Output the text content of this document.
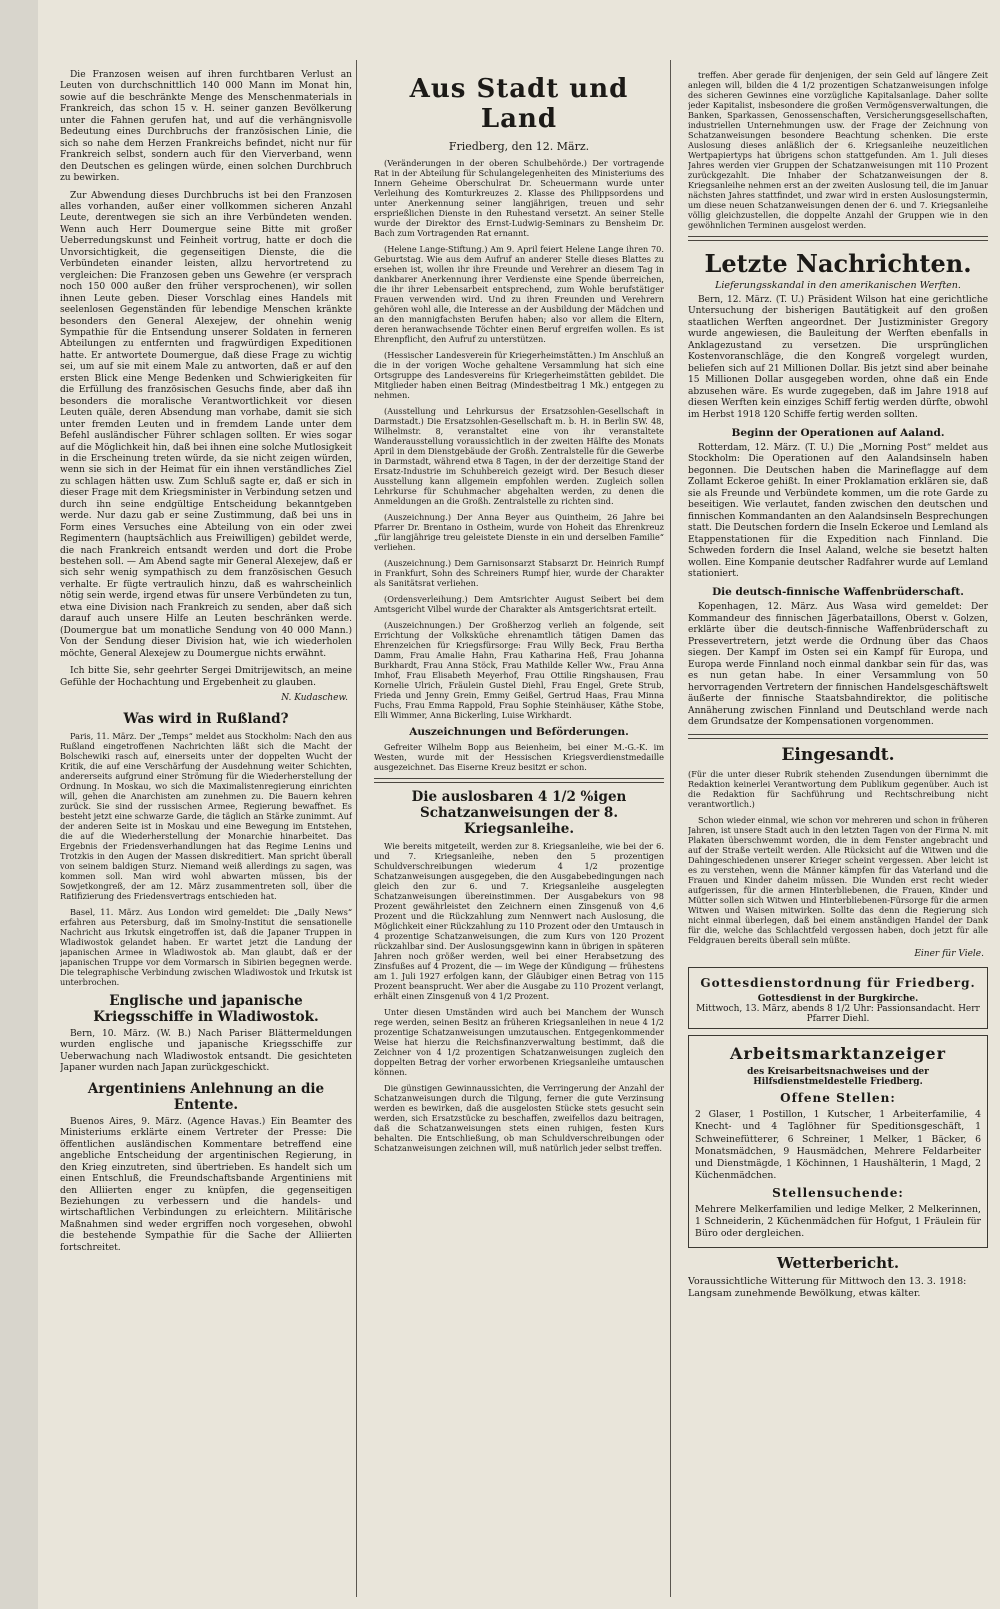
Die Franzosen weisen auf ihren furchtbaren Verlust an Leuten von durchschnittlich 140 000 Mann im Monat hin, sowie auf die beschränkte Menge des Menschenmaterials in Frankreich, das schon 15 v. H. seiner ganzen Bevölkerung unter die Fahnen gerufen hat, und auf die verhängnisvolle Bedeutung eines Durchbruchs der französischen Linie, die sich so nahe dem Herzen Frankreichs befindet, nicht nur für Frankreich selbst, sondern auch für den Vierverband, wenn den Deutschen es gelingen würde, einen solchen Durchbruch zu bewirken.

Zur Abwendung dieses Durchbruchs ist bei den Franzosen alles vorhanden, außer einer vollkommen sicheren Anzahl Leute, derentwegen sie sich an ihre Verbündeten wenden. Wenn auch Herr Doumergue seine Bitte mit großer Ueberredungskunst und Feinheit vortrug, hatte er doch die Unvorsichtigkeit, die gegenseitigen Dienste, die die Verbündeten einander leisten, allzu hervortretend zu vergleichen: Die Franzosen geben uns Gewehre (er versprach noch 150 000 außer den früher versprochenen), wir sollen ihnen Leute geben. Dieser Vorschlag eines Handels mit seelenlosen Gegenständen für lebendige Menschen kränkte besonders den General Alexejew, der ohnehin wenig Sympathie für die Entsendung unserer Soldaten in ferneren Abteilungen zu entfernten und fragwürdigen Expeditionen hatte. Er antwortete Doumergue, daß diese Frage zu wichtig sei, um auf sie mit einem Male zu antworten, daß er auf den ersten Blick eine Menge Bedenken und Schwierigkeiten für die Erfüllung des französischen Gesuchs finde, aber daß ihn besonders die moralische Verantwortlichkeit vor diesen Leuten quäle, deren Absendung man vorhabe, damit sie sich unter fremden Leuten und in fremdem Lande unter dem Befehl ausländischer Führer schlagen sollten. Er wies sogar auf die Möglichkeit hin, daß bei ihnen eine solche Mutlosigkeit in die Erscheinung treten würde, da sie nicht zeigen würden, wenn sie sich in der Heimat für ein ihnen verständliches Ziel zu schlagen hätten usw. Zum Schluß sagte er, daß er sich in dieser Frage mit dem Kriegsminister in Verbindung setzen und durch ihn seine endgültige Entscheidung bekanntgeben werde. Nur dazu gab er seine Zustimmung, daß bei uns in Form eines Versuches eine Abteilung von ein oder zwei Regimentern (hauptsächlich aus Freiwilligen) gebildet werde, die nach Frankreich entsandt werden und dort die Probe bestehen soll. — Am Abend sagte mir General Alexejew, daß er sich sehr wenig sympathisch zu dem französischen Gesuch verhalte. Er fügte vertraulich hinzu, daß es wahrscheinlich nötig sein werde, irgend etwas für unsere Verbündeten zu tun, etwa eine Division nach Frankreich zu senden, aber daß sich darauf auch unsere Hilfe an Leuten beschränken werde. (Doumergue bat um monatliche Sendung von 40 000 Mann.) Von der Sendung dieser Division hat, wie ich wiederholen möchte, General Alexejew zu Doumergue nichts erwähnt.

Ich bitte Sie, sehr geehrter Sergei Dmitrijewitsch, an meine Gefühle der Hochachtung und Ergebenheit zu glauben.

N. Kudaschew.
Was wird in Rußland?

Paris, 11. März. Der „Temps“ meldet aus Stockholm: Nach den aus Rußland eingetroffenen Nachrichten läßt sich die Macht der Bolschewiki rasch auf, einerseits unter der doppelten Wucht der Kritik, die auf eine Verschärfung der Ausdehnung weiter Schichten, andererseits aufgrund einer Strömung für die Wiederherstellung der Ordnung. In Moskau, wo sich die Maximalistenregierung einrichten will, gehen die Anarchisten am zunehmen zu. Die Bauern kehren zurück. Sie sind der russischen Armee, Regierung bewaffnet. Es besteht jetzt eine schwarze Garde, die täglich an Stärke zunimmt. Auf der anderen Seite ist in Moskau und eine Bewegung im Entstehen, die auf die Wiederherstellung der Monarchie hinarbeitet. Das Ergebnis der Friedensverhandlungen hat das Regime Lenins und Trotzkis in den Augen der Massen diskreditiert. Man spricht überall von seinem baldigen Sturz. Niemand weiß allerdings zu sagen, was kommen soll. Man wird wohl abwarten müssen, bis der Sowjetkongreß, der am 12. März zusammentreten soll, über die Ratifizierung des Friedensvertrags entschieden hat.

Basel, 11. März. Aus London wird gemeldet: Die „Daily News“ erfahren aus Petersburg, daß im Smolny-Institut die sensationelle Nachricht aus Irkutsk eingetroffen ist, daß die Japaner Truppen in Wladiwostok gelandet haben. Er wartet jetzt die Landung der japanischen Armee in Wladiwostok ab. Man glaubt, daß er der japanischen Truppe vor dem Vormarsch in Sibirien begegnen werde. Die telegraphische Verbindung zwischen Wladiwostok und Irkutsk ist unterbrochen.

Englische und japanische Kriegsschiffe in Wladiwostok.

Bern, 10. März. (W. B.) Nach Pariser Blättermeldungen wurden englische und japanische Kriegsschiffe zur Ueberwachung nach Wladiwostok entsandt. Die gesichteten Japaner wurden nach Japan zurückgeschickt.

Argentiniens Anlehnung an die Entente.

Buenos Aires, 9. März. (Agence Havas.) Ein Beamter des Ministeriums erklärte einem Vertreter der Presse: Die öffentlichen ausländischen Kommentare betreffend eine angebliche Entscheidung der argentinischen Regierung, in den Krieg einzutreten, sind übertrieben. Es handelt sich um einen Entschluß, die Freundschaftsbande Argentiniens mit den Alliierten enger zu knüpfen, die gegenseitigen Beziehungen zu verbessern und die handels- und wirtschaftlichen Verbindungen zu erleichtern. Militärische Maßnahmen sind weder ergriffen noch vorgesehen, obwohl die bestehende Sympathie für die Sache der Alliierten fortschreitet.

Aus Stadt und Land
Friedberg, den 12. März.

(Veränderungen in der oberen Schulbehörde.) Der vortragende Rat in der Abteilung für Schulangelegenheiten des Ministeriums des Innern Geheime Oberschulrat Dr. Scheuermann wurde unter Verleihung des Komturkreuzes 2. Klasse des Philippsordens und unter Anerkennung seiner langjährigen, treuen und sehr ersprießlichen Dienste in den Ruhestand versetzt. An seiner Stelle wurde der Direktor des Ernst-Ludwig-Seminars zu Bensheim Dr. Bach zum Vortragenden Rat ernannt.

(Helene Lange-Stiftung.) Am 9. April feiert Helene Lange ihren 70. Geburtstag. Wie aus dem Aufruf an anderer Stelle dieses Blattes zu ersehen ist, wollen ihr ihre Freunde und Verehrer an diesem Tag in dankbarer Anerkennung ihrer Verdienste eine Spende überreichen, die ihr ihrer Lebensarbeit entsprechend, zum Wohle berufstätiger Frauen verwenden wird. Und zu ihren Freunden und Verehrern gehören wohl alle, die Interesse an der Ausbildung der Mädchen und an den mannigfachsten Berufen haben; also vor allem die Eltern, deren heranwachsende Töchter einen Beruf ergreifen wollen. Es ist Ehrenpflicht, den Aufruf zu unterstützen.

(Hessischer Landesverein für Kriegerheimstätten.) Im Anschluß an die in der vorigen Woche gehaltene Versammlung hat sich eine Ortsgruppe des Landesvereins für Kriegerheimstätten gebildet. Die Mitglieder haben einen Beitrag (Mindestbeitrag 1 Mk.) entgegen zu nehmen.

(Ausstellung und Lehrkursus der Ersatzsohlen-Gesellschaft in Darmstadt.) Die Ersatzsohlen-Gesellschaft m. b. H. in Berlin SW. 48, Wilhelmstr. 8, veranstaltet eine von ihr veranstaltete Wanderausstellung voraussichtlich in der zweiten Hälfte des Monats April in dem Dienstgebäude der Großh. Zentralstelle für die Gewerbe in Darmstadt, während etwa 8 Tagen, in der der derzeitige Stand der Ersatz-Industrie im Schuhbereich gezeigt wird. Der Besuch dieser Ausstellung kann allgemein empfohlen werden. Zugleich sollen Lehrkurse für Schuhmacher abgehalten werden, zu denen die Anmeldungen an die Großh. Zentralstelle zu richten sind.

(Auszeichnung.) Der Anna Beyer aus Quintheim, 26 Jahre bei Pfarrer Dr. Brentano in Ostheim, wurde von Hoheit das Ehrenkreuz „für langjährige treu geleistete Dienste in ein und derselben Familie“ verliehen.

(Auszeichnung.) Dem Garnisonsarzt Stabsarzt Dr. Heinrich Rumpf in Frankfurt, Sohn des Schreiners Rumpf hier, wurde der Charakter als Sanitätsrat verliehen.

(Ordensverleihung.) Dem Amtsrichter August Seibert bei dem Amtsgericht Vilbel wurde der Charakter als Amtsgerichtsrat erteilt.

(Auszeichnungen.) Der Großherzog verlieh an folgende, seit Errichtung der Volksküche ehrenamtlich tätigen Damen das Ehrenzeichen für Kriegsfürsorge: Frau Willy Beck, Frau Bertha Damm, Frau Amalie Hahn, Frau Katharina Heß, Frau Johanna Burkhardt, Frau Anna Stöck, Frau Mathilde Keller Ww., Frau Anna Imhof, Frau Elisabeth Meyerhof, Frau Ottilie Ringshausen, Frau Kornelie Ulrich, Fräulein Gustel Diehl, Frau Engel, Grete Strub, Frieda und Jenny Grein, Emmy Geißel, Gertrud Haas, Frau Minna Fuchs, Frau Emma Rappold, Frau Sophie Steinhäuser, Käthe Stobe, Elli Wimmer, Anna Bickerling, Luise Wirkhardt.

Auszeichnungen und Beförderungen.

Gefreiter Wilhelm Bopp aus Beienheim, bei einer M.-G.-K. im Westen, wurde mit der Hessischen Kriegsverdienstmedaille ausgezeichnet. Das Eiserne Kreuz besitzt er schon.

Die auslosbaren 4 1/2 %igen Schatzanweisungen der 8. Kriegsanleihe.

Wie bereits mitgeteilt, werden zur 8. Kriegsanleihe, wie bei der 6. und 7. Kriegsanleihe, neben den 5 prozentigen Schuldverschreibungen wiederum 4 1/2 prozentige Schatzanweisungen ausgegeben, die den Ausgabebedingungen nach gleich den zur 6. und 7. Kriegsanleihe ausgelegten Schatzanweisungen übereinstimmen. Der Ausgabekurs von 98 Prozent gewährleistet den Zeichnern einen Zinsgenuß von 4,6 Prozent und die Rückzahlung zum Nennwert nach Auslosung, die Möglichkeit einer Rückzahlung zu 110 Prozent oder den Umtausch in 4 prozentige Schatzanweisungen, die zum Kurs von 120 Prozent rückzahlbar sind. Der Auslosungsgewinn kann in übrigen in späteren Jahren noch größer werden, weil bei einer Herabsetzung des Zinsfußes auf 4 Prozent, die — im Wege der Kündigung — frühestens am 1. Juli 1927 erfolgen kann, der Gläubiger einen Betrag von 115 Prozent beansprucht. Wer aber die Ausgabe zu 110 Prozent verlangt, erhält einen Zinsgenuß von 4 1/2 Prozent.

Unter diesen Umständen wird auch bei Manchem der Wunsch rege werden, seinen Besitz an früheren Kriegsanleihen in neue 4 1/2 prozentige Schatzanweisungen umzutauschen. Entgegenkommender Weise hat hierzu die Reichsfinanzverwaltung bestimmt, daß die Zeichner von 4 1/2 prozentigen Schatzanweisungen zugleich den doppelten Betrag der vorher erworbenen Kriegsanleihe umtauschen können.

Die günstigen Gewinnaussichten, die Verringerung der Anzahl der Schatzanweisungen durch die Tilgung, ferner die gute Verzinsung werden es bewirken, daß die ausgelosten Stücke stets gesucht sein werden, sich Ersatzstücke zu beschaffen, zweifellos dazu beitragen, daß die Schatzanweisungen stets einen ruhigen, festen Kurs behalten. Die Entschließung, ob man Schuldverschreibungen oder Schatzanweisungen zeichnen will, muß natürlich jeder selbst treffen.

treffen. Aber gerade für denjenigen, der sein Geld auf längere Zeit anlegen will, bilden die 4 1/2 prozentigen Schatzanweisungen infolge des sicheren Gewinnes eine vorzügliche Kapitalsanlage. Daher sollte jeder Kapitalist, insbesondere die großen Vermögensverwaltungen, die Banken, Sparkassen, Genossenschaften, Versicherungsgesellschaften, industriellen Unternehmungen usw. der Frage der Zeichnung von Schatzanweisungen besondere Beachtung schenken. Die erste Auslosung dieses anläßlich der 6. Kriegsanleihe neuzeitlichen Wertpapiertyps hat übrigens schon stattgefunden. Am 1. Juli dieses Jahres werden vier Gruppen der Schatzanweisungen mit 110 Prozent zurückgezahlt. Die Inhaber der Schatzanweisungen der 8. Kriegsanleihe nehmen erst an der zweiten Auslosung teil, die im Januar nächsten Jahres stattfindet, und zwar wird in ersten Auslosungstermin, um diese neuen Schatzanweisungen denen der 6. und 7. Kriegsanleihe völlig gleichzustellen, die doppelte Anzahl der Gruppen wie in den gewöhnlichen Terminen ausgelost werden.

Letzte Nachrichten.
Lieferungsskandal in den amerikanischen Werften.

Bern, 12. März. (T. U.) Präsident Wilson hat eine gerichtliche Untersuchung der bisherigen Bautätigkeit auf den großen staatlichen Werften angeordnet. Der Justizminister Gregory wurde angewiesen, die Bauleitung der Werften ebenfalls in Anklagezustand zu versetzen. Die ursprünglichen Kostenvoranschläge, die den Kongreß vorgelegt wurden, beliefen sich auf 21 Millionen Dollar. Bis jetzt sind aber beinahe 15 Millionen Dollar ausgegeben worden, ohne daß ein Ende abzusehen wäre. Es wurde zugegeben, daß im Jahre 1918 auf diesen Werften kein einziges Schiff fertig werden dürfte, obwohl im Herbst 1918 120 Schiffe fertig werden sollten.

Beginn der Operationen auf Aaland.

Rotterdam, 12. März. (T. U.) Die „Morning Post“ meldet aus Stockholm: Die Operationen auf den Aalandsinseln haben begonnen. Die Deutschen haben die Marineflagge auf dem Zollamt Eckeroe gehißt. In einer Proklamation erklären sie, daß sie als Freunde und Verbündete kommen, um die rote Garde zu beseitigen. Wie verlautet, fanden zwischen den deutschen und finnischen Kommandanten an den Aalandsinseln Besprechungen statt. Die Deutschen fordern die Inseln Eckeroe und Lemland als Etappenstationen für die Expedition nach Finnland. Die Schweden fordern die Insel Aaland, welche sie besetzt halten wollen. Eine Kompanie deutscher Radfahrer wurde auf Lemland stationiert.

Die deutsch-finnische Waffenbrüderschaft.

Kopenhagen, 12. März. Aus Wasa wird gemeldet: Der Kommandeur des finnischen Jägerbataillons, Oberst v. Golzen, erklärte über die deutsch-finnische Waffenbrüderschaft zu Pressevertretern, jetzt werde die Ordnung über das Chaos siegen. Der Kampf im Osten sei ein Kampf für Europa, und Europa werde Finnland noch einmal dankbar sein für das, was es nun getan habe. In einer Versammlung von 50 hervorragenden Vertretern der finnischen Handelsgeschäftswelt äußerte der finnische Staatsbahndirektor, die politische Annäherung zwischen Finnland und Deutschland werde nach dem Grundsatze der Kompensationen vorgenommen.

Eingesandt.

(Für die unter dieser Rubrik stehenden Zusendungen übernimmt die Redaktion keinerlei Verantwortung dem Publikum gegenüber. Auch ist die Redaktion für Sachführung und Rechtschreibung nicht verantwortlich.)

Schon wieder einmal, wie schon vor mehreren und schon in früheren Jahren, ist unsere Stadt auch in den letzten Tagen von der Firma N. mit Plakaten überschwemmt worden, die in dem Fenster angebracht und auf der Straße verteilt werden. Alle Rücksicht auf die Witwen und die Dahingeschiedenen unserer Krieger scheint vergessen. Aber leicht ist es zu verstehen, wenn die Männer kämpfen für das Vaterland und die Frauen und Kinder daheim müssen. Die Wunden erst recht wieder aufgerissen, für die armen Hinterbliebenen, die Frauen, Kinder und Mütter sollen sich Witwen und Hinterbliebenen-Fürsorge für die armen Witwen und Waisen mitwirken. Sollte das denn die Regierung sich nicht einmal überlegen, daß bei einem anständigen Handel der Dank für die, welche das Schlachtfeld vergossen haben, doch jetzt für alle Feldgrauen bereits überall sein müßte.

Einer für Viele.
Gottesdienstordnung für Friedberg.
Gottesdienst in der Burgkirche.
Mittwoch, 13. März, abends 8 1/2 Uhr: Passionsandacht. Herr Pfarrer Diehl.
Arbeitsmarktanzeiger
des Kreisarbeitsnachweises und der Hilfsdienstmeldestelle Friedberg.
Offene Stellen:
2 Glaser, 1 Postillon, 1 Kutscher, 1 Arbeiterfamilie, 4 Knecht- und 4 Taglöhner für Speditionsgeschäft, 1 Schweinefütterer, 6 Schreiner, 1 Melker, 1 Bäcker, 6 Monatsmädchen, 9 Hausmädchen, Mehrere Feldarbeiter und Dienstmägde, 1 Köchinnen, 1 Haushälterin, 1 Magd, 2 Küchenmädchen.
Stellensuchende:
Mehrere Melkerfamilien und ledige Melker, 2 Melkerinnen, 1 Schneiderin, 2 Küchenmädchen für Hofgut, 1 Fräulein für Büro oder dergleichen.
Wetterbericht.
Voraussichtliche Witterung für Mittwoch den 13. 3. 1918: Langsam zunehmende Bewölkung, etwas kälter.
